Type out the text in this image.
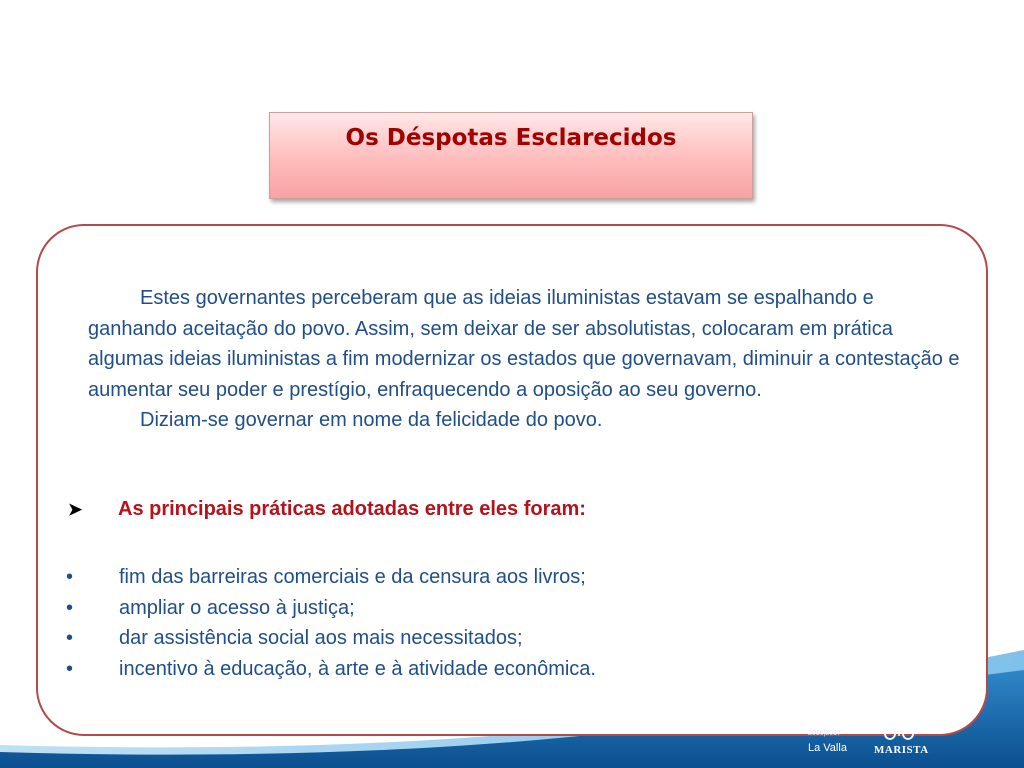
Os Déspotas Esclarecidos

Estes governantes perceberam que as ideias iluministas estavam se espalhando e ganhando aceitação do povo. Assim, sem deixar de ser absolutistas, colocaram em prática algumas ideias iluministas a fim modernizar os estados que governavam, diminuir a contestação e aumentar seu poder e prestígio, enfraquecendo a oposição ao seu governo.

Diziam-se governar em nome da felicidade do povo.

➤ As principais práticas adotadas entre eles foram:
• fim das barreiras comerciais e da censura aos livros;
• ampliar o acesso à justiça;
• dar assistência social aos mais necessitados;
• incentivo à educação, à arte e à atividade econômica.
2016|2017
La Valla MARISTA
